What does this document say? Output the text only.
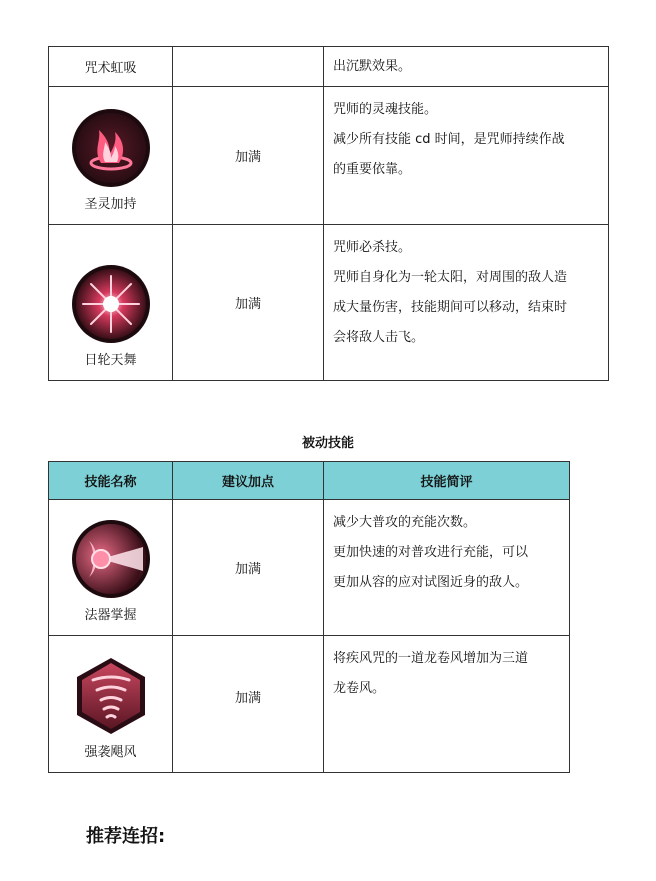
咒术虹吸		出沉默效果。

圣灵加持	加满	咒师的灵魂技能。
减少所有技能 cd 时间，是咒师持续作战
的重要依靠。

日轮天舞	加满	咒师必杀技。
咒师自身化为一轮太阳，对周围的敌人造
成大量伤害，技能期间可以移动，结束时
会将敌人击飞。
被动技能
技能名称	建议加点	技能简评

法器掌握	加满	减少大普攻的充能次数。
更加快速的对普攻进行充能，可以
更加从容的应对试图近身的敌人。

强袭飓风	加满	将疾风咒的一道龙卷风增加为三道
龙卷风。
推荐连招:
